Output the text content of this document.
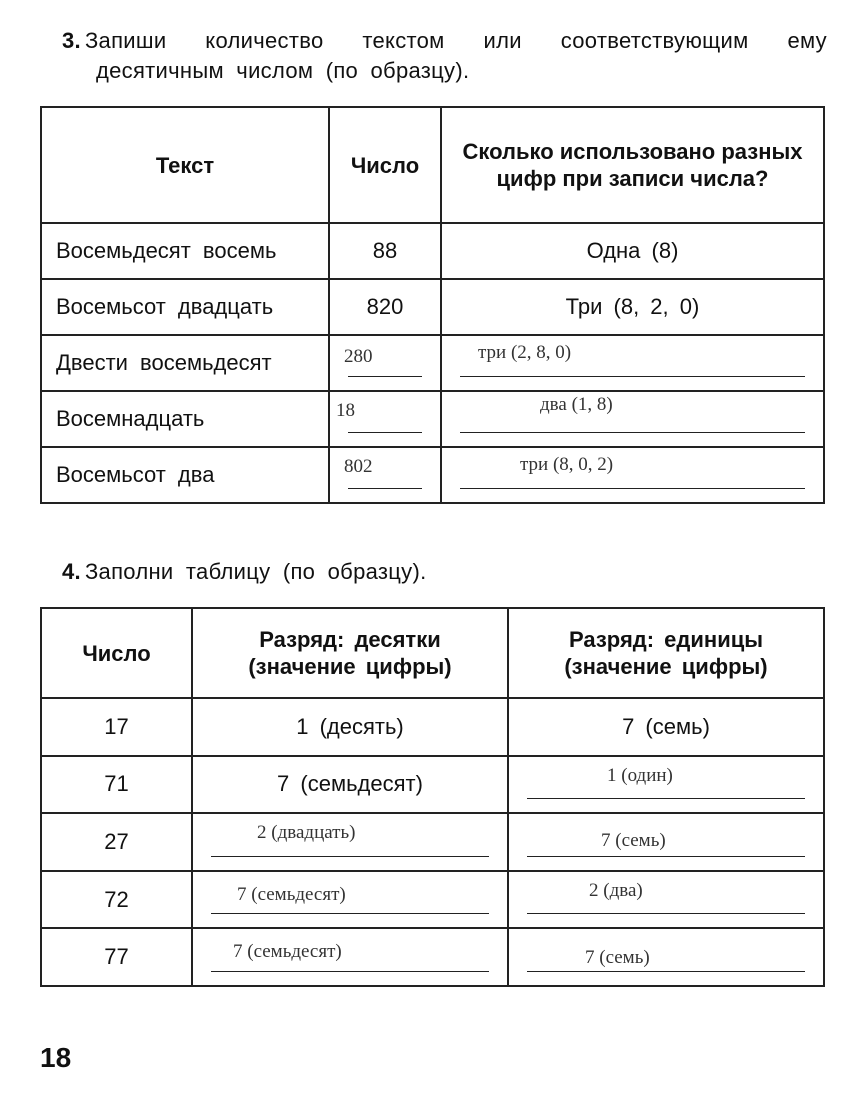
3. Запиши количество текстом или соответствующим ему
десятичным числом (по образцу).
Текст	Число	Сколько использовано разных цифр при записи числа?
Восемьдесят восемь	88	Одна (8)
Восемьсот двадцать	820	Три (8, 2, 0)
Двести восемьдесят	280	три (2, 8, 0)

Восемнадцать	18	два (1, 8)

Восемьсот два	802	три (8, 0, 2)
4. Заполни таблицу (по образцу).
Число	Разряд: десятки (значение цифры)	Разряд: единицы (значение цифры)
17	1 (десять)	7 (семь)
71	7 (семьдесят)	1 (один)

27	2 (двадцать)	7 (семь)

72	7 (семьдесят)	2 (два)

77	7 (семьдесят)	7 (семь)
18
